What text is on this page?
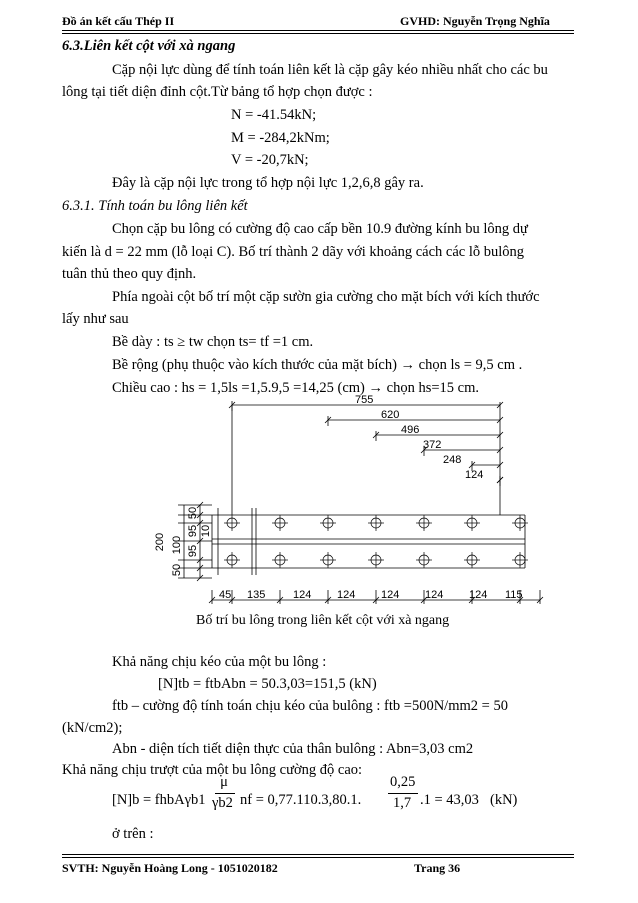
Đồ án kết cấu Thép II	GVHD: Nguyễn Trọng Nghĩa
6.3.Liên kết cột với xà ngang
Cặp nội lực dùng để tính toán liên kết là cặp gây kéo nhiều nhất cho các bu
lông tại tiết diện đỉnh cột.Từ bảng tổ hợp chọn được :
N = -41.54kN;
M = -284,2kNm;
V = -20,7kN;
Đây là cặp nội lực trong tổ hợp nội lực 1,2,6,8 gây ra.
6.3.1. Tính toán bu lông liên kết
Chọn cặp bu lông có cường độ cao cấp bền 10.9 đường kính bu lông dự
kiến là d = 22 mm (lỗ loại C). Bố trí thành 2 dãy với khoảng cách các lỗ bulông
tuân thủ theo quy định.
Phía ngoài cột bố trí một cặp sườn gia cường cho mặt bích với kích thước
lấy như sau
Bề dày : ts ≥ tw chọn ts= tf =1 cm.
Bề rộng (phụ thuộc vào kích thước của mặt bích) → chọn ls = 9,5 cm .
Chiều cao : hs = 1,5ls =1,5.9,5 =14,25 (cm) → chọn hs=15 cm.
755
620
496
372
248
124
45 135	124 124 124 124 124 115
50
95
95
50
100
200
10
Bố trí bu lông trong liên kết cột với xà ngang
Khả năng chịu kéo của một bu lông :
[N]tb = ftbAbn = 50.3,03=151,5 (kN)
ftb – cường độ tính toán chịu kéo của bulông : ftb =500N/mm2 = 50
(kN/cm2);
Abn - diện tích tiết diện thực của thân bulông : Abn=3,03 cm2
Khả năng chịu trượt của một bu lông cường độ cao:
[N]b = fhbAγb1
μ
γb2 nf = 0,77.110.3,80.1.
0,25
1,7 .1 = 43,03 (kN)
ở trên :
SVTH: Nguyễn Hoàng Long - 1051020182	Trang 36
